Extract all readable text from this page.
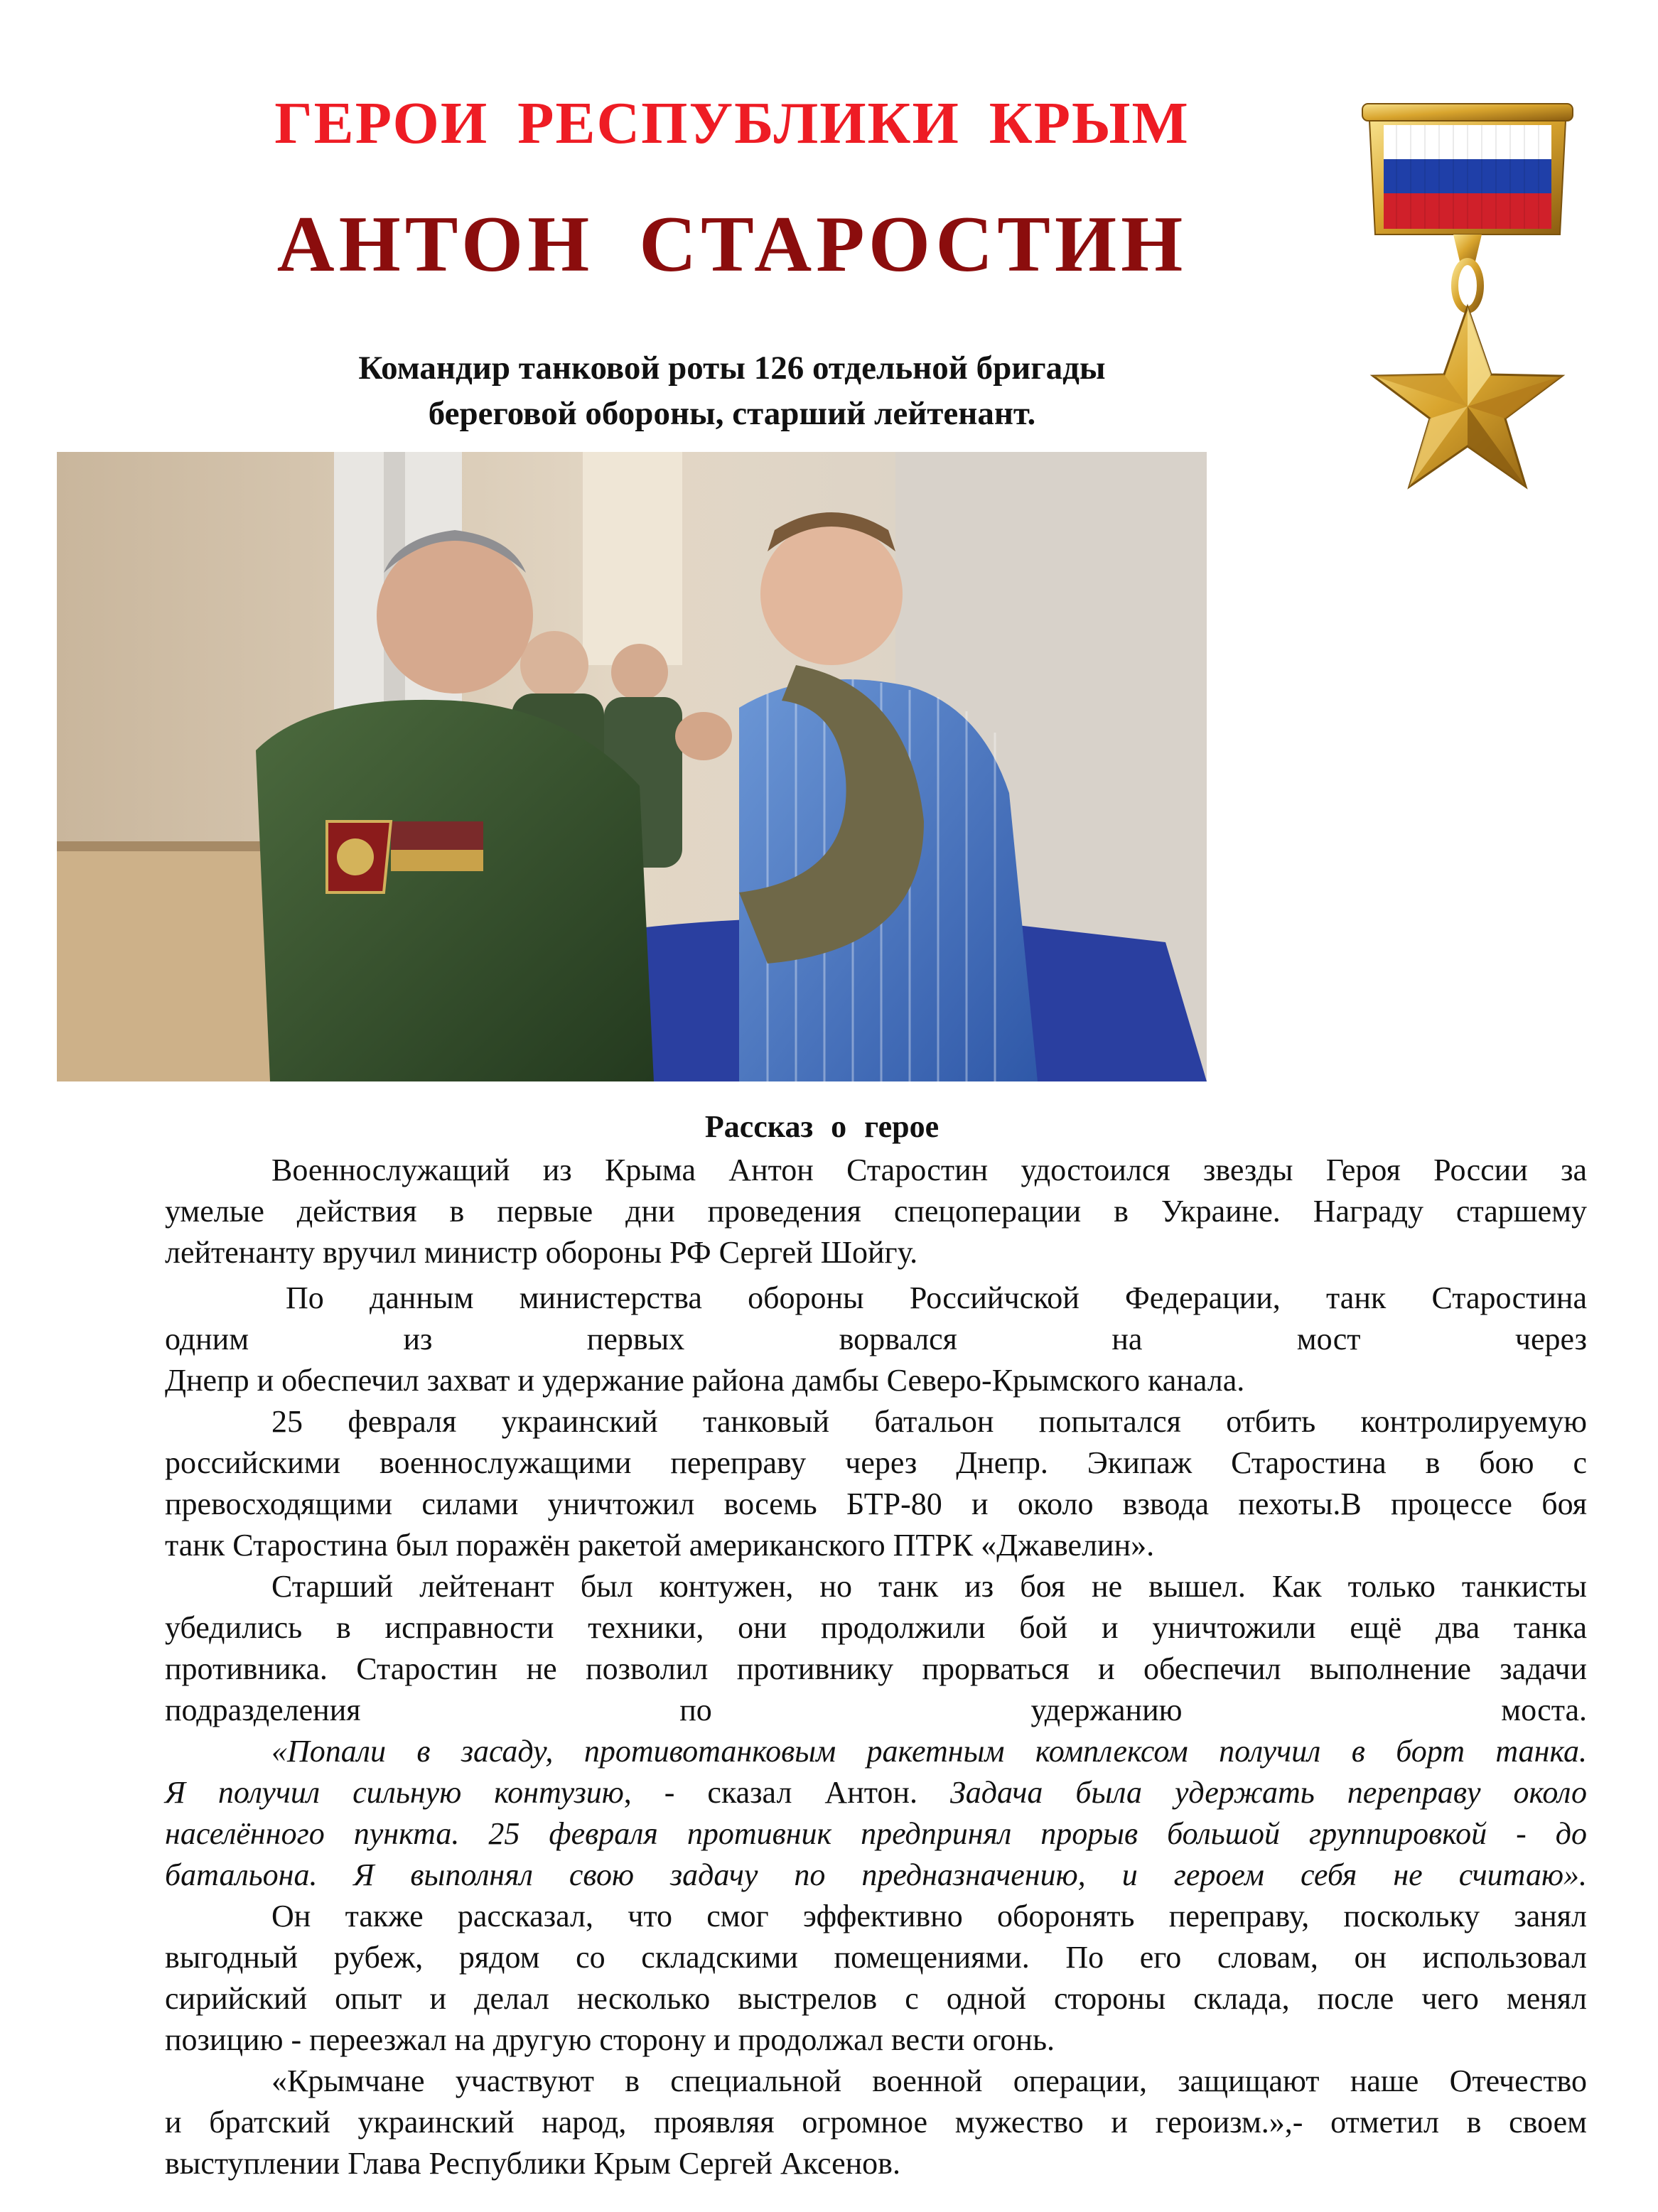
ГЕРОИ РЕСПУБЛИКИ КРЫМ
АНТОН СТАРОСТИН
Командир танковой роты 126 отдельной бригады
береговой обороны, старший лейтенант.
Рассказ о герое
Военнослужащий из Крыма Антон Старостин удостоился звезды Героя России за
умелые действия в первые дни проведения спецоперации в Украине. Награду старшему
лейтенанту вручил министр обороны РФ Сергей Шойгу.
По данным министерства обороны Российчской Федерации, танк Старостина
одним из первых ворвался на мост через
Днепр и обеспечил захват и удержание района дамбы Северо-Крымского канала.
25 февраля украинский танковый батальон попытался отбить контролируемую
российскими военнослужащими переправу через Днепр. Экипаж Старостина в бою с
превосходящими силами уничтожил восемь БТР-80 и около взвода пехоты.В процессе боя
танк Старостина был поражён ракетой американского ПТРК «Джавелин».
Старший лейтенант был контужен, но танк из боя не вышел. Как только танкисты
убедились в исправности техники, они продолжили бой и уничтожили ещё два танка
противника. Старостин не позволил противнику прорваться и обеспечил выполнение задачи
подразделения по удержанию моста.
«Попали в засаду, противотанковым ракетным комплексом получил в борт танка.
Я получил сильную контузию, - сказал Антон. Задача была удержать переправу около
населённого пункта. 25 февраля противник предпринял прорыв большой группировкой - до
батальона. Я выполнял свою задачу по предназначению, и героем себя не считаю».
Он также рассказал, что смог эффективно оборонять переправу, поскольку занял
выгодный рубеж, рядом со складскими помещениями. По его словам, он использовал
сирийский опыт и делал несколько выстрелов с одной стороны склада, после чего менял
позицию - переезжал на другую сторону и продолжал вести огонь.
«Крымчане участвуют в специальной военной операции, защищают наше Отечество
и братский украинский народ, проявляя огромное мужество и героизм.»,- отметил в своем
выступлении Глава Республики Крым Сергей Аксенов.
